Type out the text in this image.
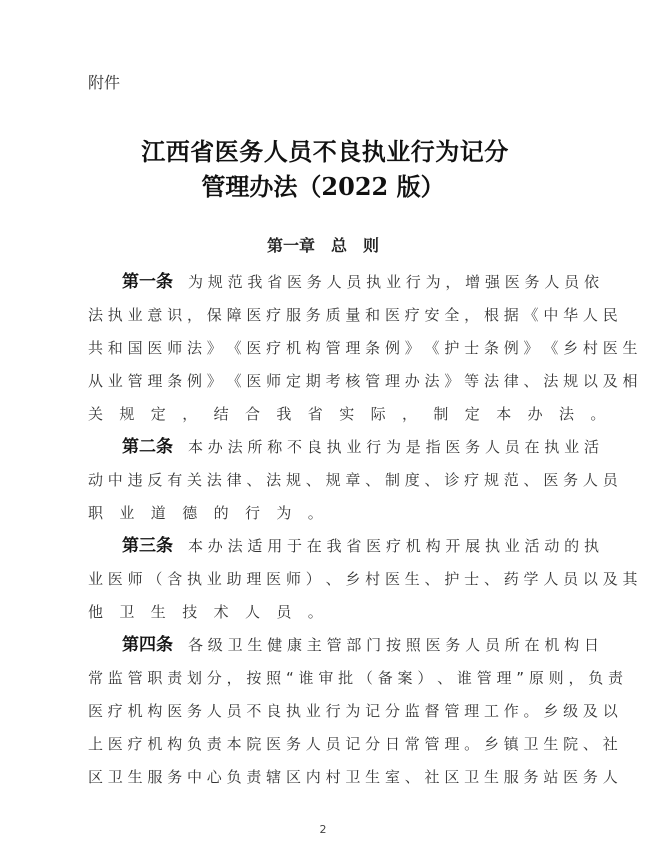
附件

江西省医务人员不良执业行为记分
管理办法（2022 版）
第一章　总　则
第一条 为 规 范 我 省 医 务 人 员 执 业 行 为 ， 增 强 医 务 人 员 依
法 执 业 意 识 ， 保 障 医 疗 服 务 质 量 和 医 疗 安 全 ， 根 据 《 中 华 人 民
共 和 国 医 师 法 》 《 医 疗 机 构 管 理 条 例 》 《 护 士 条 例 》 《 乡 村 医 生
从 业 管 理 条 例 》 《 医 师 定 期 考 核 管 理 办 法 》 等 法 律 、 法 规 以 及 相
关规定，结合我省实际，制定本办法。
第二条 本 办 法 所 称 不 良 执 业 行 为 是 指 医 务 人 员 在 执 业 活
动 中 违 反 有 关 法 律 、 法 规 、 规 章 、 制 度 、 诊 疗 规 范 、 医 务 人 员
职业道德的行为。
第三条 本 办 法 适 用 于 在 我 省 医 疗 机 构 开 展 执 业 活 动 的 执
业 医 师 （ 含 执 业 助 理 医 师 ） 、 乡 村 医 生 、 护 士 、 药 学 人 员 以 及 其
他卫生技术人员。
第四条 各 级 卫 生 健 康 主 管 部 门 按 照 医 务 人 员 所 在 机 构 日
常 监 管 职 责 划 分 ， 按 照 “ 谁 审 批 （ 备 案 ） 、 谁 管 理 ” 原 则 ， 负 责
医 疗 机 构 医 务 人 员 不 良 执 业 行 为 记 分 监 督 管 理 工 作 。 乡 级 及 以
上 医 疗 机 构 负 责 本 院 医 务 人 员 记 分 日 常 管 理 。 乡 镇 卫 生 院 、 社
区 卫 生 服 务 中 心 负 责 辖 区 内 村 卫 生 室 、 社 区 卫 生 服 务 站 医 务 人

2
